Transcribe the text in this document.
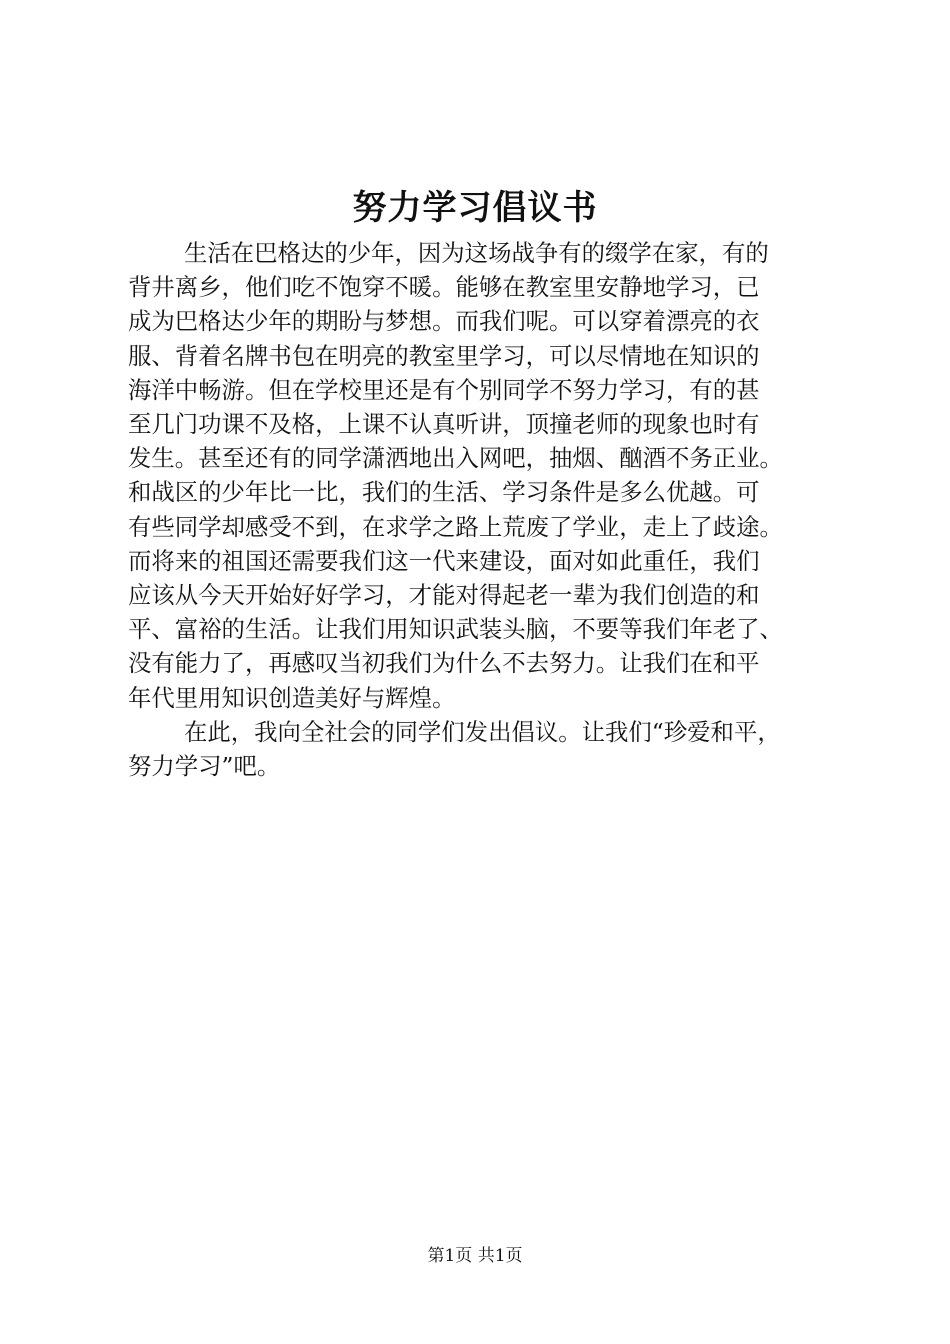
努力学习倡议书
生活在巴格达的少年，因为这场战争有的缀学在家，有的
背井离乡，他们吃不饱穿不暖。能够在教室里安静地学习，已
成为巴格达少年的期盼与梦想。而我们呢。可以穿着漂亮的衣
服、背着名牌书包在明亮的教室里学习，可以尽情地在知识的
海洋中畅游。但在学校里还是有个别同学不努力学习，有的甚
至几门功课不及格，上课不认真听讲，顶撞老师的现象也时有
发生。甚至还有的同学潇洒地出入网吧，抽烟、酗酒不务正业。
和战区的少年比一比，我们的生活、学习条件是多么优越。可
有些同学却感受不到，在求学之路上荒废了学业，走上了歧途。
而将来的祖国还需要我们这一代来建设，面对如此重任，我们
应该从今天开始好好学习，才能对得起老一辈为我们创造的和
平、富裕的生活。让我们用知识武装头脑，不要等我们年老了、
没有能力了，再感叹当初我们为什么不去努力。让我们在和平
年代里用知识创造美好与辉煌。
在此，我向全社会的同学们发出倡议。让我们“珍爱和平，
努力学习”吧。
第1页 共1页
